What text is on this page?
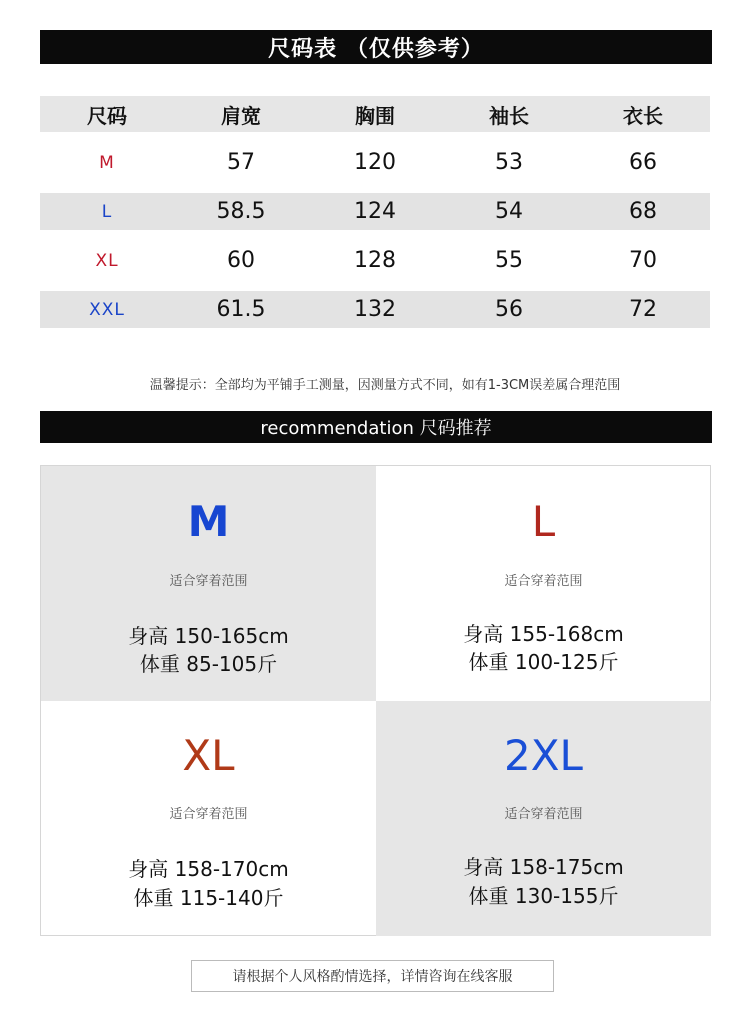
尺码表 （仅供参考）
尺码	肩宽	胸围	袖长	衣长
M	57	120	53	66
L	58.5	124	54	68
XL	60	128	55	70
XXL	61.5	132	56	72
温馨提示：全部均为平铺手工测量，因测量方式不同，如有1-3CM误差属合理范围
recommendation 尺码推荐
M
适合穿着范围
身高 150-165cm
体重 85-105斤
L
适合穿着范围
身高 155-168cm
体重 100-125斤
XL
适合穿着范围
身高 158-170cm
体重 115-140斤
2XL
适合穿着范围
身高 158-175cm
体重 130-155斤
请根据个人风格酌情选择，详情咨询在线客服
